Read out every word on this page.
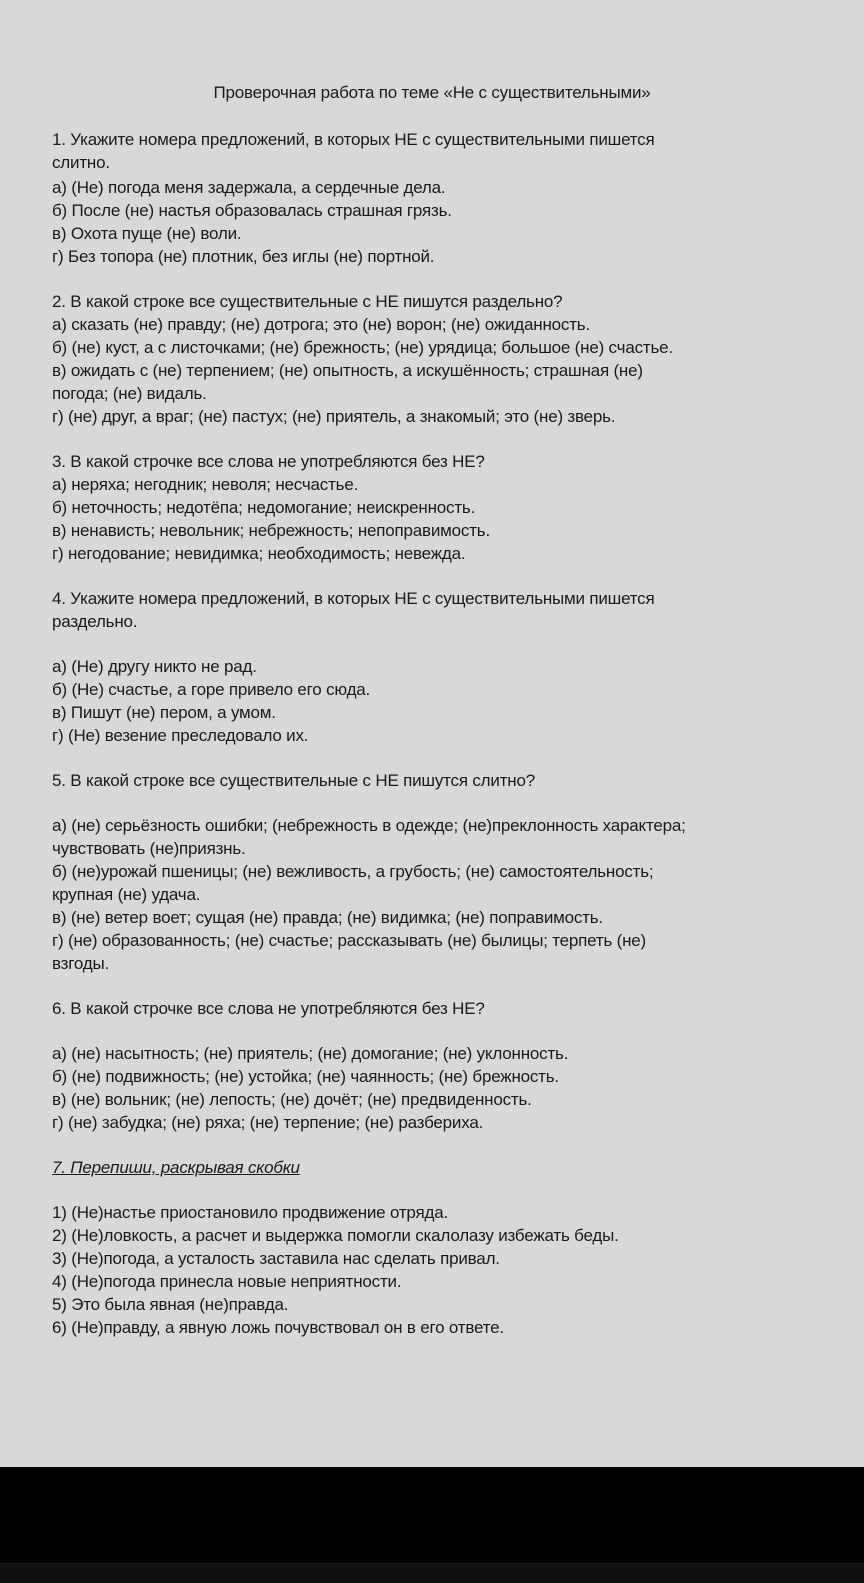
Проверочная работа по теме «Не с существительными»
1. Укажите номера предложений, в которых НЕ с существительными пишется
слитно.
а) (Не) погода меня задержала, а сердечные дела.
б) После (не) настья образовалась страшная грязь.
в) Охота пуще (не) воли.
г) Без топора (не) плотник, без иглы (не) портной.
2. В какой строке все существительные с НЕ пишутся раздельно?
а) сказать (не) правду; (не) дотрога; это (не) ворон; (не) ожиданность.
б) (не) куст, а с листочками; (не) брежность; (не) урядица; большое (не) счастье.
в) ожидать с (не) терпением; (не) опытность, а искушённость; страшная (не)
погода; (не) видаль.
г) (не) друг, а враг; (не) пастух; (не) приятель, а знакомый; это (не) зверь.
3. В какой строчке все слова не употребляются без НЕ?
а) неряха; негодник; неволя; несчастье.
б) неточность; недотёпа; недомогание; неискренность.
в) ненависть; невольник; небрежность; непоправимость.
г) негодование; невидимка; необходимость; невежда.
4. Укажите номера предложений, в которых НЕ с существительными пишется
раздельно.
а) (Не) другу никто не рад.
б) (Не) счастье, а горе привело его сюда.
в) Пишут (не) пером, а умом.
г) (Не) везение преследовало их.
5. В какой строке все существительные с НЕ пишутся слитно?
а) (не) серьёзность ошибки; (небрежность в одежде; (не)преклонность характера;
чувствовать (не)приязнь.
б) (не)урожай пшеницы; (не) вежливость, а грубость; (не) самостоятельность;
крупная (не) удача.
в) (не) ветер воет; сущая (не) правда; (не) видимка; (не) поправимость.
г) (не) образованность; (не) счастье; рассказывать (не) былицы; терпеть (не)
взгоды.
6. В какой строчке все слова не употребляются без НЕ?
а) (не) насытность; (не) приятель; (не) домогание; (не) уклонность.
б) (не) подвижность; (не) устойка; (не) чаянность; (не) брежность.
в) (не) вольник; (не) лепость; (не) дочёт; (не) предвиденность.
г) (не) забудка; (не) ряха; (не) терпение; (не) разбериха.
7. Перепиши, раскрывая скобки
1) (Не)настье приостановило продвижение отряда.
2) (Не)ловкость, а расчет и выдержка помогли скалолазу избежать беды.
3) (Не)погода, а усталость заставила нас сделать привал.
4) (Не)погода принесла новые неприятности.
5) Это была явная (не)правда.
6) (Не)правду, а явную ложь почувствовал он в его ответе.
